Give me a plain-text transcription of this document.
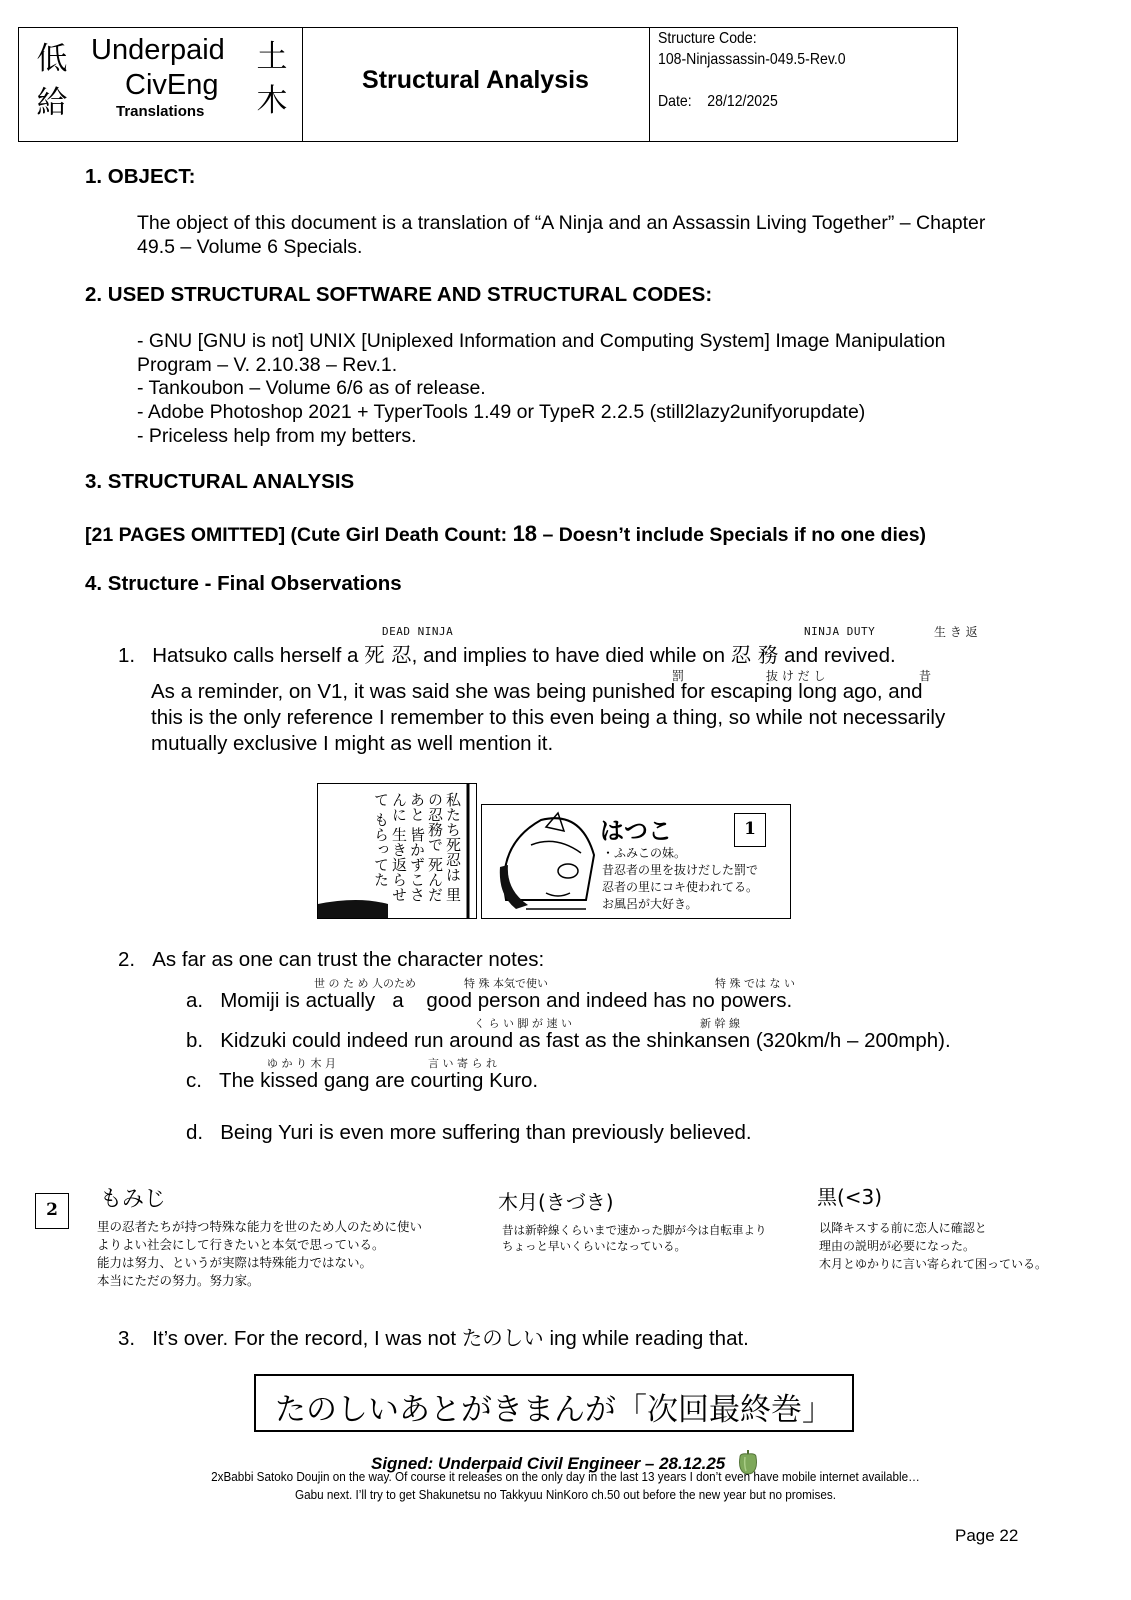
低
給
Underpaid
CivEng
Translations
土
木
Structural Analysis
Structure Code:
108-Ninjassassin-049.5-Rev.0
Date: 28/12/2025
1. OBJECT:
The object of this document is a translation of “A Ninja and an Assassin Living Together” – Chapter
49.5 – Volume 6 Specials.
2. USED STRUCTURAL SOFTWARE AND STRUCTURAL CODES:
- GNU [GNU is not] UNIX [Uniplexed Information and Computing System] Image Manipulation
Program – V. 2.10.38 – Rev.1.
- Tankoubon – Volume 6/6 as of release.
- Adobe Photoshop 2021 + TyperTools 1.49 or TypeR 2.2.5 (still2lazy2unifyorupdate)
- Priceless help from my betters.
3. STRUCTURAL ANALYSIS
[21 PAGES OMITTED] (Cute Girl Death Count: 18 – Doesn’t include Specials if no one dies)
4. Structure - Final Observations
DEAD NINJA	NINJA DUTY	生 き 返
1. Hatsuko calls herself a 死 忍, and implies to have died while on 忍 務 and revived.
罰	抜 け だ し	昔
As a reminder, on V1, it was said she was being punished for escaping long ago, and
this is the only reference I remember to this even being a thing, so while not necessarily
mutually exclusive I might as well mention it.
私たち死忍は 里の忍務で 死んだあと 皆かずこさんに 生き返らせて もらってた	はつこ	1
・ふみこの妹。
昔忍者の里を抜けだした罰で
忍者の里にコキ使われてる。
お風呂が大好き。
2. As far as one can trust the character notes:
世 の た め 人のため	特 殊 本気で使い	特 殊 では な い
a. Momiji is actually   a    good person and indeed has no powers.
く ら い 脚 が 速 い	新 幹 線
b. Kidzuki could indeed run around as fast as the shinkansen (320km/h – 200mph).
ゆ か り 木 月	言 い 寄 ら れ
c. The kissed gang are courting Kuro.
d. Being Yuri is even more suffering than previously believed.
2	もみじ
里の忍者たちが持つ特殊な能力を世のため人のために使い
よりよい社会にして行きたいと本気で思っている。
能力は努力、というが実際は特殊能力ではない。
本当にただの努力。努力家。
木月(きづき)
昔は新幹線くらいまで速かった脚が今は自転車より
ちょっと早いくらいになっている。
黒(<3)
以降キスする前に恋人に確認と
理由の説明が必要になった。
木月とゆかりに言い寄られて困っている。
3. It’s over. For the record, I was not たのしい ing while reading that.
たのしいあとがきまんが「次回最終巻」
Signed: Underpaid Civil Engineer – 28.12.25
2xBabbi Satoko Doujin on the way. Of course it releases on the only day in the last 13 years I don’t even have mobile internet available…
Gabu next. I’ll try to get Shakunetsu no Takkyuu NinKoro ch.50 out before the new year but no promises.
Page 22
